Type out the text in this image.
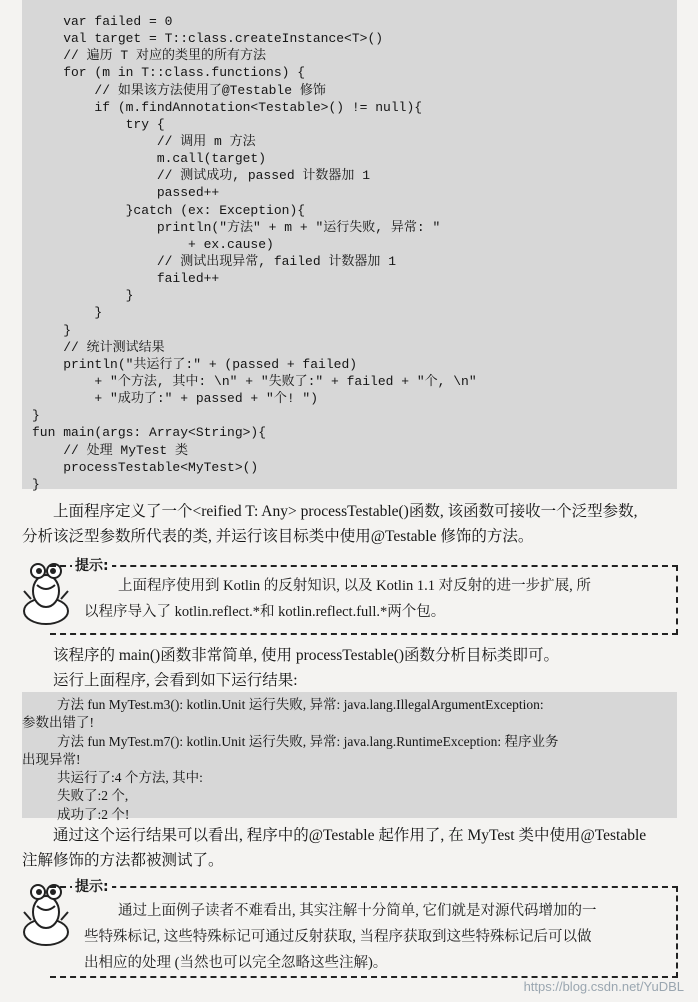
var failed = 0
val target = T::class.createInstance<T>()
// 遍历 T 对应的类里的所有方法
for (m in T::class.functions) {
// 如果该方法使用了@Testable 修饰
if (m.findAnnotation<Testable>() != null){
try {
// 调用 m 方法
m.call(target)
// 测试成功, passed 计数器加 1
passed++
}catch (ex: Exception){
println("方法" + m + "运行失败, 异常: "
+ ex.cause)
// 测试出现异常, failed 计数器加 1
failed++
}
}
}
// 统计测试结果
println("共运行了:" + (passed + failed)
+ "个方法, 其中: \n" + "失败了:" + failed + "个, \n"
+ "成功了:" + passed + "个! ")
}
fun main(args: Array<String>){
// 处理 MyTest 类
processTestable<MyTest>()
}
上面程序定义了一个<reified T: Any> processTestable()函数, 该函数可接收一个泛型参数,
分析该泛型参数所代表的类, 并运行该目标类中使用@Testable 修饰的方法。
提示:
上面程序使用到 Kotlin 的反射知识, 以及 Kotlin 1.1 对反射的进一步扩展, 所
以程序导入了 kotlin.reflect.*和 kotlin.reflect.full.*两个包。
该程序的 main()函数非常简单, 使用 processTestable()函数分析目标类即可。
运行上面程序, 会看到如下运行结果:
方法 fun MyTest.m3(): kotlin.Unit 运行失败, 异常: java.lang.IllegalArgumentException:
参数出错了!
方法 fun MyTest.m7(): kotlin.Unit 运行失败, 异常: java.lang.RuntimeException: 程序业务
出现异常!
共运行了:4 个方法, 其中:
失败了:2 个,
成功了:2 个!
通过这个运行结果可以看出, 程序中的@Testable 起作用了, 在 MyTest 类中使用@Testable
注解修饰的方法都被测试了。
提示:
通过上面例子读者不难看出, 其实注解十分简单, 它们就是对源代码增加的一
些特殊标记, 这些特殊标记可通过反射获取, 当程序获取到这些特殊标记后可以做
出相应的处理 (当然也可以完全忽略这些注解)。
https://blog.csdn.net/YuDBL
